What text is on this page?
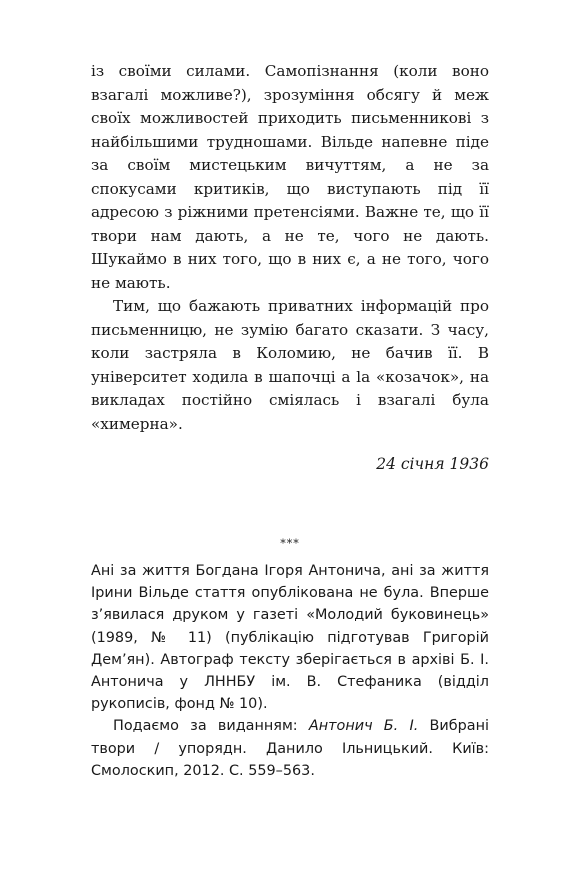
із своїми силами. Самопізнання (коли воно взагалі можливе?), зрозуміння обсягу й меж своїх можливостей приходить письменникові з найбільшими трудношами. Вільде напевне піде за своїм мистецьким вичуттям, а не за спокусами критиків, що виступають під її адресою з ріжними претенсіями. Важне те, що її твори нам дають, а не те, чого не дають. Шукаймо в них того, що в них є, а не того, чого не мають.

Тим, що бажають приватних інформацій про письменницю, не зумію багато сказати. З часу, коли застряла в Коломию, не бачив її. В університет ходила в шапочці а la «козачок», на викладах постійно сміялась і взагалі була «химерна».

24 січня 1936
***

Ані за життя Богдана Ігоря Антонича, ані за життя Ірини Вільде стаття опублікована не була. Вперше з’явилася друком у газеті «Молодий буковинець» (1989, № 11) (публікацію підготував Григорій Дем’ян). Автограф тексту зберігається в архіві Б. І. Антонича у ЛННБУ ім. В. Стефаника (відділ рукописів, фонд № 10).

Подаємо за виданням: Антонич Б. І. Вибрані твори / упорядн. Данило Ільницький. Київ: Смолоскип, 2012. С. 559–563.
